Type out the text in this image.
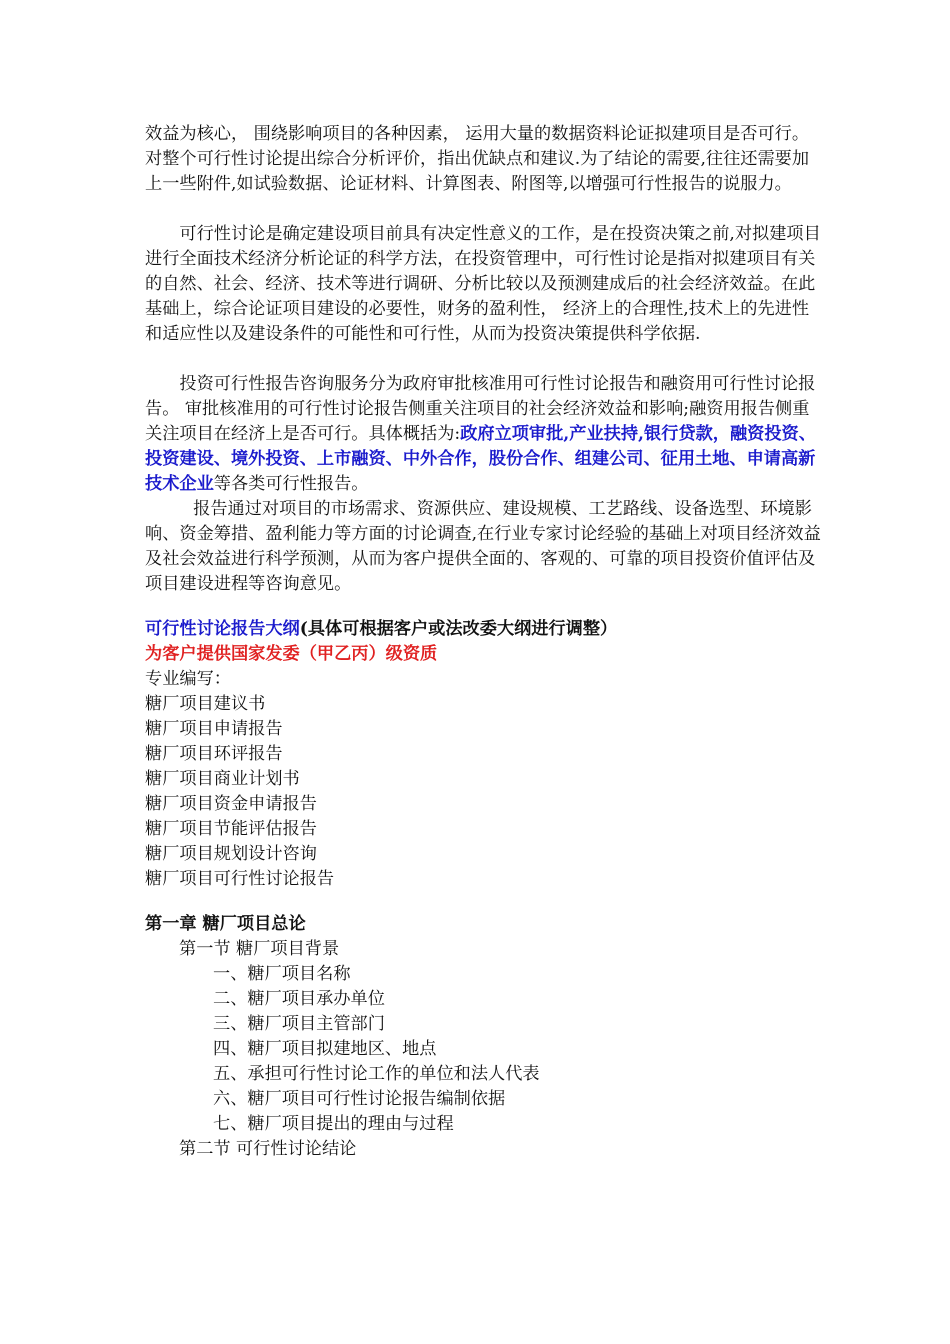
效益为核心， 围绕影响项目的各种因素， 运用大量的数据资料论证拟建项目是否可行。对整个可行性讨论提出综合分析评价，指出优缺点和建议.为了结论的需要,往往还需要加上一些附件,如试验数据、论证材料、计算图表、附图等,以增强可行性报告的说服力。

可行性讨论是确定建设项目前具有决定性意义的工作，是在投资决策之前,对拟建项目进行全面技术经济分析论证的科学方法，在投资管理中，可行性讨论是指对拟建项目有关的自然、社会、经济、技术等进行调研、分析比较以及预测建成后的社会经济效益。在此基础上，综合论证项目建设的必要性，财务的盈利性， 经济上的合理性,技术上的先进性和适应性以及建设条件的可能性和可行性，从而为投资决策提供科学依据.

投资可行性报告咨询服务分为政府审批核准用可行性讨论报告和融资用可行性讨论报告。 审批核准用的可行性讨论报告侧重关注项目的社会经济效益和影响;融资用报告侧重关注项目在经济上是否可行。具体概括为:政府立项审批,产业扶持,银行贷款，融资投资、投资建设、境外投资、上市融资、中外合作，股份合作、组建公司、征用土地、申请高新技术企业等各类可行性报告。

报告通过对项目的市场需求、资源供应、建设规模、工艺路线、设备选型、环境影响、资金筹措、盈利能力等方面的讨论调查,在行业专家讨论经验的基础上对项目经济效益及社会效益进行科学预测，从而为客户提供全面的、客观的、可靠的项目投资价值评估及项目建设进程等咨询意见。

可行性讨论报告大纲(具体可根据客户或法改委大纲进行调整）
为客户提供国家发委（甲乙丙）级资质
专业编写：
糖厂项目建议书
糖厂项目申请报告
糖厂项目环评报告
糖厂项目商业计划书
糖厂项目资金申请报告
糖厂项目节能评估报告
糖厂项目规划设计咨询
糖厂项目可行性讨论报告
第一章 糖厂项目总论
第一节 糖厂项目背景
一、糖厂项目名称
二、糖厂项目承办单位
三、糖厂项目主管部门
四、糖厂项目拟建地区、地点
五、承担可行性讨论工作的单位和法人代表
六、糖厂项目可行性讨论报告编制依据
七、糖厂项目提出的理由与过程
第二节 可行性讨论结论
